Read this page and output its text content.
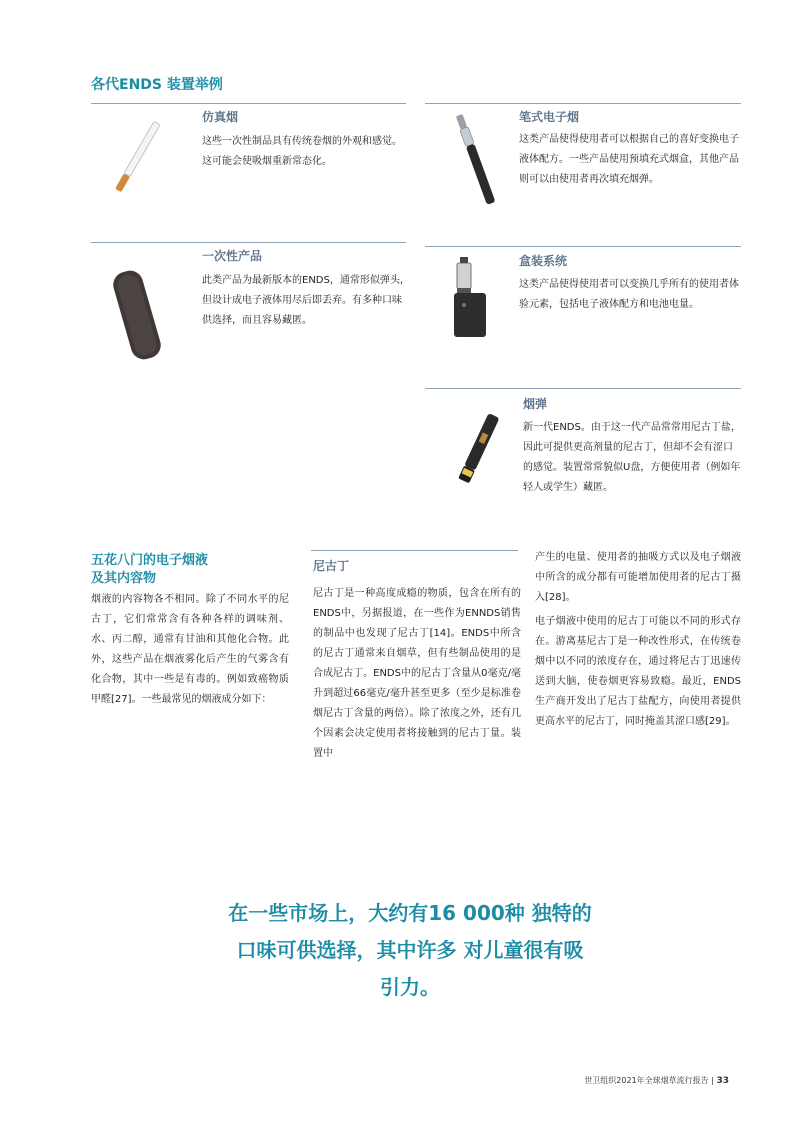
各代ENDS 装置举例
仿真烟
这些一次性制品具有传统卷烟的外观和感觉。这可能会使吸烟重新常态化。
笔式电子烟
这类产品使得使用者可以根据自己的喜好变换电子液体配方。一些产品使用预填充式烟盒，其他产品则可以由使用者再次填充烟弹。
一次性产品
此类产品为最新版本的ENDS，通常形似弹头，但设计成电子液体用尽后即丢弃。有多种口味供选择，而且容易藏匿。
盒装系统
这类产品使得使用者可以变换几乎所有的使用者体验元素，包括电子液体配方和电池电量。
烟弹
新一代ENDS。由于这一代产品常常用尼古丁盐，因此可提供更高剂量的尼古丁，但却不会有涩口的感觉。装置常常貌似U盘，方便使用者（例如年轻人或学生）藏匿。
五花八门的电子烟液
及其内容物
烟液的内容物各不相同。除了不同水平的尼古丁，它们常常含有各种各样的调味剂、水、丙二醇，通常有甘油和其他化合物。此外，这些产品在烟液雾化后产生的气雾含有化合物，其中一些是有毒的。例如致癌物质甲醛[27]。一些最常见的烟液成分如下：
尼古丁
尼古丁是一种高度成瘾的物质，包含在所有的ENDS中，另据报道，在一些作为ENNDS销售的制品中也发现了尼古丁[14]。ENDS中所含的尼古丁通常来自烟草，但有些制品使用的是合成尼古丁。ENDS中的尼古丁含量从0毫克/毫升到超过66毫克/毫升甚至更多（至少是标准卷烟尼古丁含量的两倍）。除了浓度之外，还有几个因素会决定使用者将接触到的尼古丁量。装置中
产生的电量、使用者的抽吸方式以及电子烟液中所含的成分都有可能增加使用者的尼古丁摄入[28]。
电子烟液中使用的尼古丁可能以不同的形式存在。游离基尼古丁是一种改性形式，在传统卷烟中以不同的浓度存在，通过将尼古丁迅速传送到大脑，使卷烟更容易致瘾。最近，ENDS生产商开发出了尼古丁盐配方，向使用者提供更高水平的尼古丁，同时掩盖其涩口感[29]。
在一些市场上，大约有16 000种 独特的
口味可供选择，其中许多 对儿童很有吸
引力。
世卫组织2021年全球烟草流行报告 | 33
